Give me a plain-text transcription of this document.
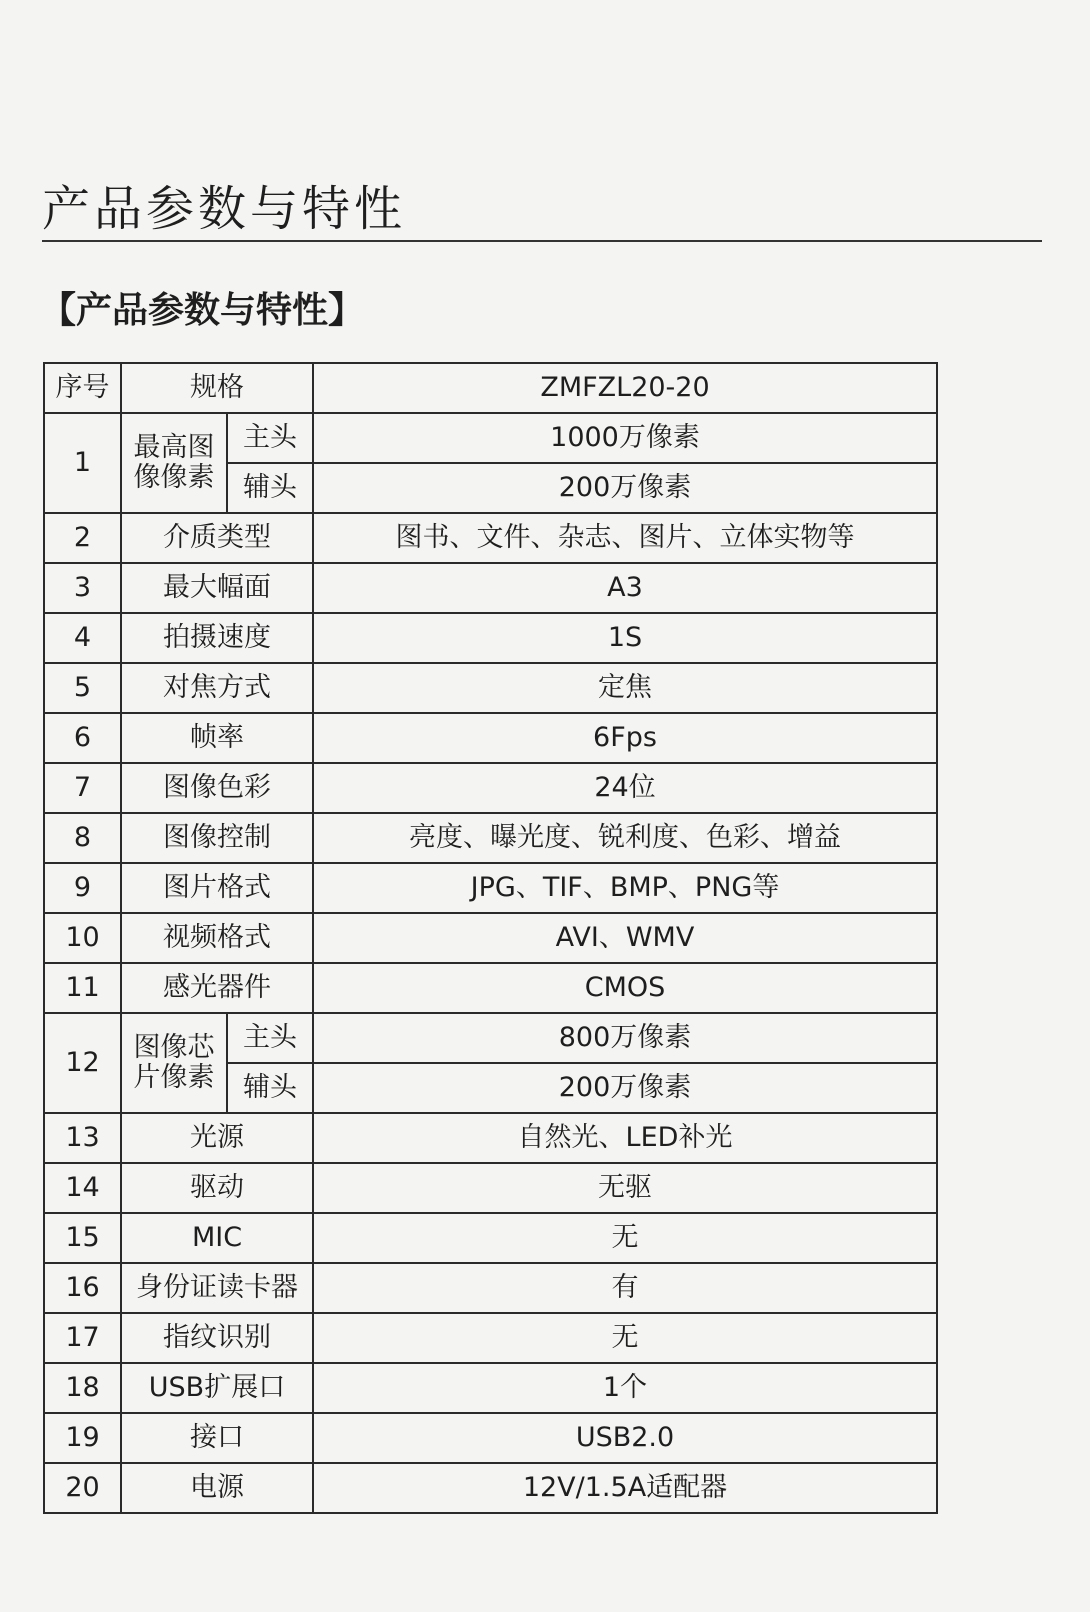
产品参数与特性
【产品参数与特性】
序号	规格		ZMFZL20-20
1	最高图像像素	主头	1000万像素
		辅头	200万像素
2	介质类型		图书、文件、杂志、图片、立体实物等
3	最大幅面		A3
4	拍摄速度		1S
5	对焦方式		定焦
6	帧率		6Fps
7	图像色彩		24位
8	图像控制		亮度、曝光度、锐利度、色彩、增益
9	图片格式		JPG、TIF、BMP、PNG等
10	视频格式		AVI、WMV
11	感光器件		CMOS
12	图像芯片像素	主头	800万像素
		辅头	200万像素
13	光源		自然光、LED补光
14	驱动		无驱
15	MIC		无
16	身份证读卡器		有
17	指纹识别		无
18	USB扩展口		1个
19	接口		USB2.0
20	电源		12V/1.5A适配器
